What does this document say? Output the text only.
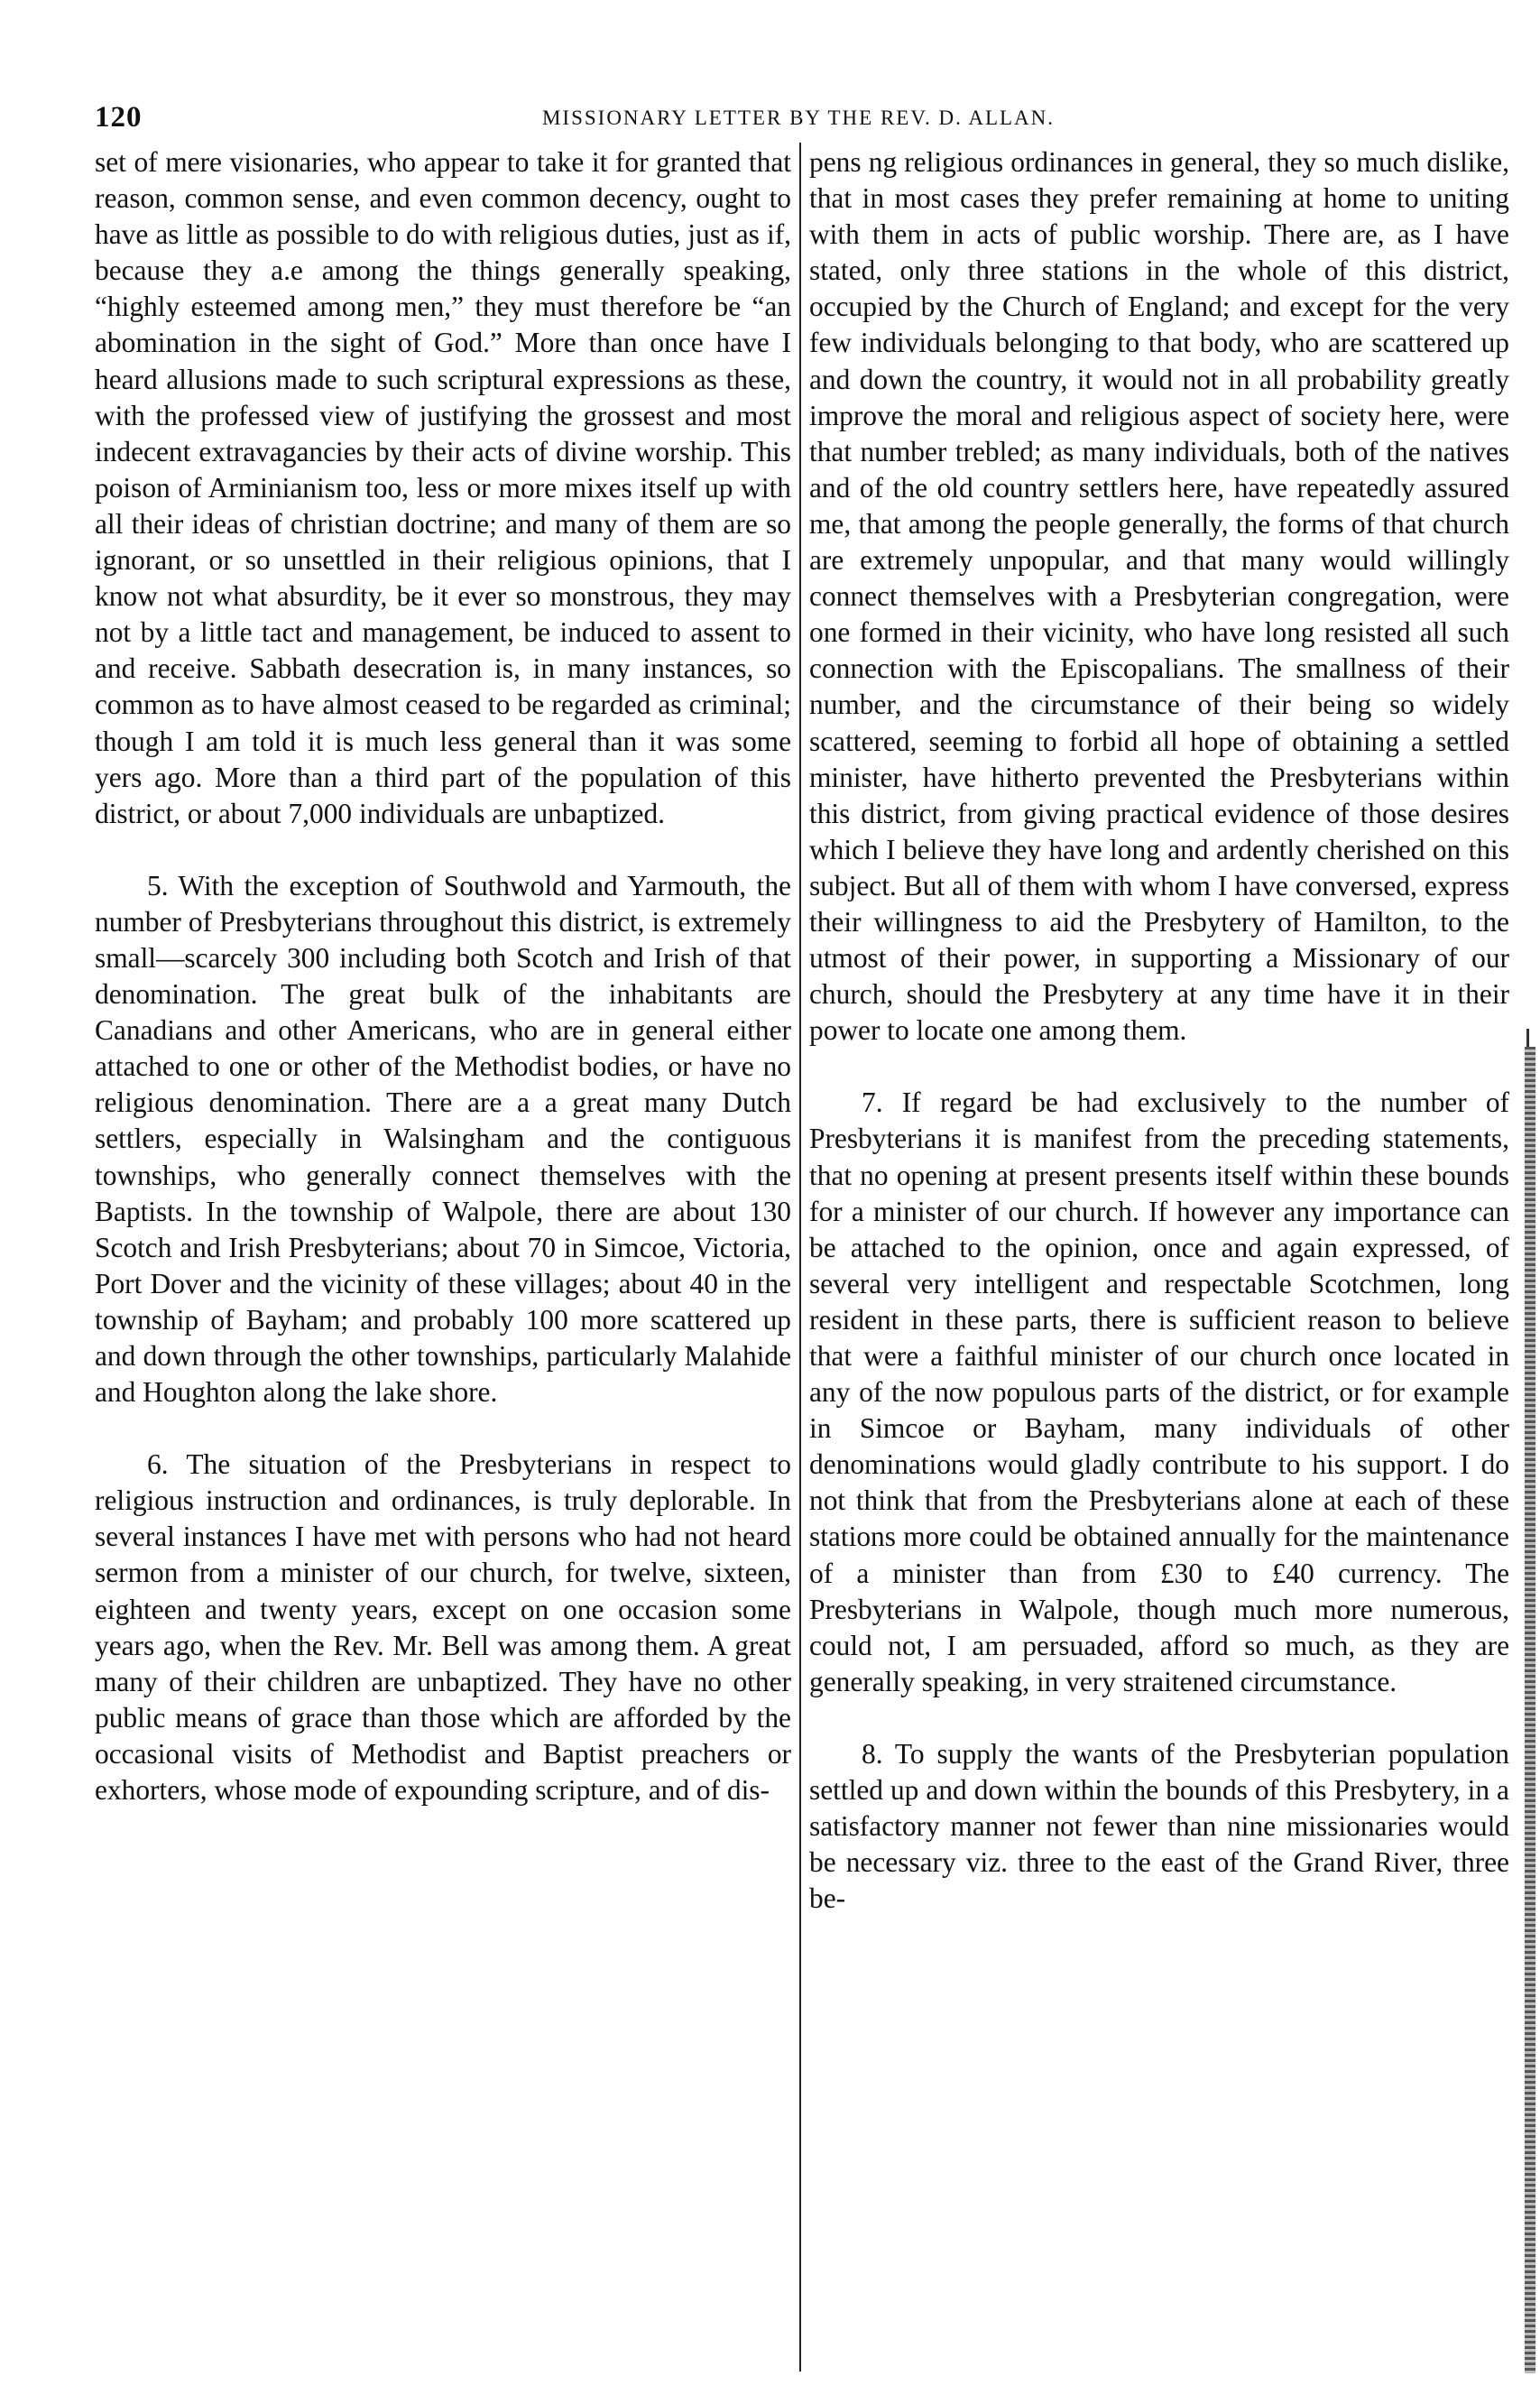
120	MISSIONARY LETTER BY THE REV. D. ALLAN.

set of mere visionaries, who appear to take it for granted that reason, common sense, and even common decency, ought to have as little as possible to do with religious duties, just as if, because they a.e among the things generally speaking, “highly esteemed among men,” they must therefore be “an abomination in the sight of God.” More than once have I heard allusions made to such scriptural expressions as these, with the professed view of justifying the grossest and most indecent extravagancies by their acts of divine worship. This poison of Arminianism too, less or more mixes itself up with all their ideas of christian doctrine; and many of them are so ignorant, or so unsettled in their religious opinions, that I know not what absurdity, be it ever so monstrous, they may not by a little tact and management, be induced to assent to and receive. Sabbath desecration is, in many instances, so common as to have almost ceased to be regarded as criminal; though I am told it is much less general than it was some yers ago. More than a third part of the population of this district, or about 7,000 individuals are unbaptized.

5. With the exception of Southwold and Yarmouth, the number of Presbyterians throughout this district, is extremely small—scarcely 300 including both Scotch and Irish of that denomination. The great bulk of the inhabitants are Canadians and other Americans, who are in general either attached to one or other of the Methodist bodies, or have no religious denomination. There are a a great many Dutch settlers, especially in Walsingham and the contiguous townships, who generally connect themselves with the Baptists. In the township of Walpole, there are about 130 Scotch and Irish Presbyterians; about 70 in Simcoe, Victoria, Port Dover and the vicinity of these villages; about 40 in the township of Bayham; and probably 100 more scattered up and down through the other townships, particularly Malahide and Houghton along the lake shore.

6. The situation of the Presbyterians in respect to religious instruction and ordinances, is truly deplorable. In several instances I have met with persons who had not heard sermon from a minister of our church, for twelve, sixteen, eighteen and twenty years, except on one occasion some years ago, when the Rev. Mr. Bell was among them. A great many of their children are unbaptized. They have no other public means of grace than those which are afforded by the occasional visits of Methodist and Baptist preachers or exhorters, whose mode of expounding scripture, and of dis-

pens ng religious ordinances in general, they so much dislike, that in most cases they prefer remaining at home to uniting with them in acts of public worship. There are, as I have stated, only three stations in the whole of this district, occupied by the Church of England; and except for the very few individuals belonging to that body, who are scattered up and down the country, it would not in all probability greatly improve the moral and religious aspect of society here, were that number trebled; as many individuals, both of the natives and of the old country settlers here, have repeatedly assured me, that among the people generally, the forms of that church are extremely unpopular, and that many would willingly connect themselves with a Presbyterian congregation, were one formed in their vicinity, who have long resisted all such connection with the Episcopalians. The smallness of their number, and the circumstance of their being so widely scattered, seeming to forbid all hope of obtaining a settled minister, have hitherto prevented the Presbyterians within this district, from giving practical evidence of those desires which I believe they have long and ardently cherished on this subject. But all of them with whom I have conversed, express their willingness to aid the Presbytery of Hamilton, to the utmost of their power, in supporting a Missionary of our church, should the Presbytery at any time have it in their power to locate one among them.

7. If regard be had exclusively to the number of Presbyterians it is manifest from the preceding statements, that no opening at present presents itself within these bounds for a minister of our church. If however any importance can be attached to the opinion, once and again expressed, of several very intelligent and respectable Scotchmen, long resident in these parts, there is sufficient reason to believe that were a faithful minister of our church once located in any of the now populous parts of the district, or for example in Simcoe or Bayham, many individuals of other denominations would gladly contribute to his support. I do not think that from the Presbyterians alone at each of these stations more could be obtained annually for the maintenance of a minister than from £30 to £40 currency. The Presbyterians in Walpole, though much more numerous, could not, I am persuaded, afford so much, as they are generally speaking, in very straitened circumstance.

8. To supply the wants of the Presbyterian population settled up and down within the bounds of this Presbytery, in a satisfactory manner not fewer than nine missionaries would be necessary viz. three to the east of the Grand River, three be-
